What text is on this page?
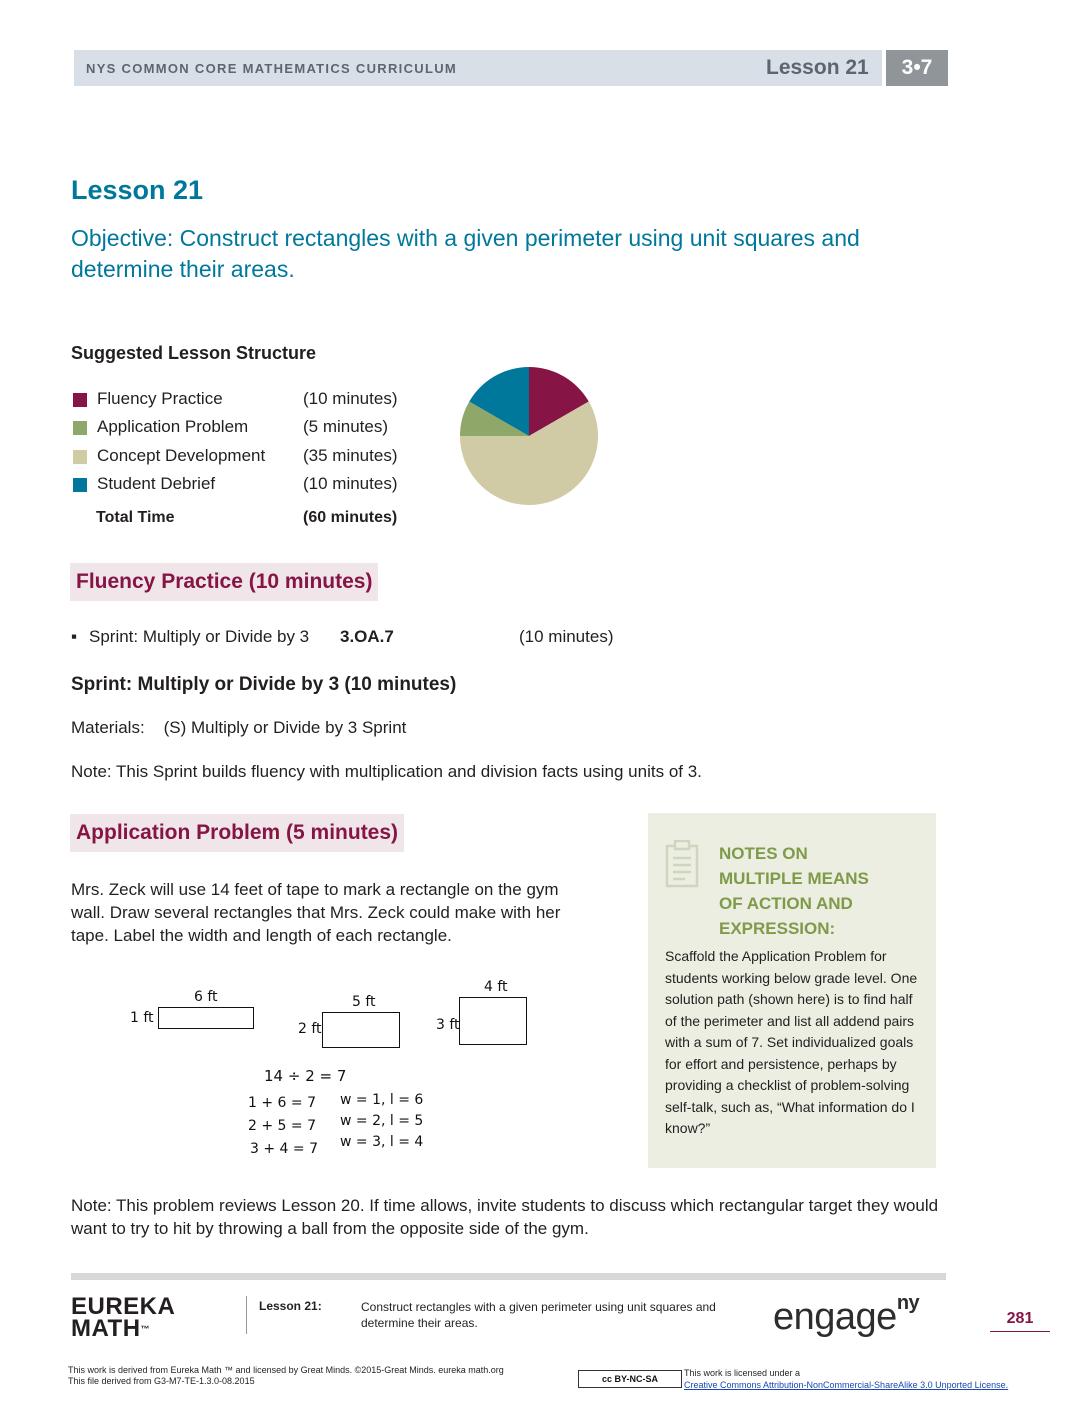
NYS COMMON CORE MATHEMATICS CURRICULUM	Lesson 21	3•7
Lesson 21
Objective: Construct rectangles with a given perimeter using unit squares and determine their areas.
Suggested Lesson Structure
Fluency Practice	(10 minutes)
Application Problem	(5 minutes)
Concept Development (35 minutes)
Student Debrief	(10 minutes)
Total Time	(60 minutes)
Fluency Practice (10 minutes)
▪ Sprint: Multiply or Divide by 3 3.OA.7	(10 minutes)
Sprint: Multiply or Divide by 3 (10 minutes)
Materials:    (S) Multiply or Divide by 3 Sprint
Note: This Sprint builds fluency with multiplication and division facts using units of 3.
Application Problem (5 minutes)
Mrs. Zeck will use 14 feet of tape to mark a rectangle on the gym wall. Draw several rectangles that Mrs. Zeck could make with her tape. Label the width and length of each rectangle.
6 ft
1 ft
5 ft
2 ft
4 ft
3 ft
14 ÷ 2 = 7
1 + 6 = 7
2 + 5 = 7
3 + 4 = 7
w = 1, l = 6
w = 2, l = 5
w = 3, l = 4
NOTES ON
MULTIPLE MEANS
OF ACTION AND
EXPRESSION:
Scaffold the Application Problem for students working below grade level. One solution path (shown here) is to find half of the perimeter and list all addend pairs with a sum of 7. Set individualized goals for effort and persistence, perhaps by providing a checklist of problem-solving self-talk, such as, “What information do I know?”
Note: This problem reviews Lesson 20. If time allows, invite students to discuss which rectangular target they would want to try to hit by throwing a ball from the opposite side of the gym.
EUREKA
MATH™
Lesson 21:	Construct rectangles with a given perimeter using unit squares and determine their areas.	engage$^{ny}$
281
This work is derived from Eureka Math ™ and licensed by Great Minds. ©2015-Great Minds. eureka math.org
This file derived from G3-M7-TE-1.3.0-08.2015	cc BY-NC-SA
This work is licensed under a
Creative Commons Attribution-NonCommercial-ShareAlike 3.0 Unported License.
